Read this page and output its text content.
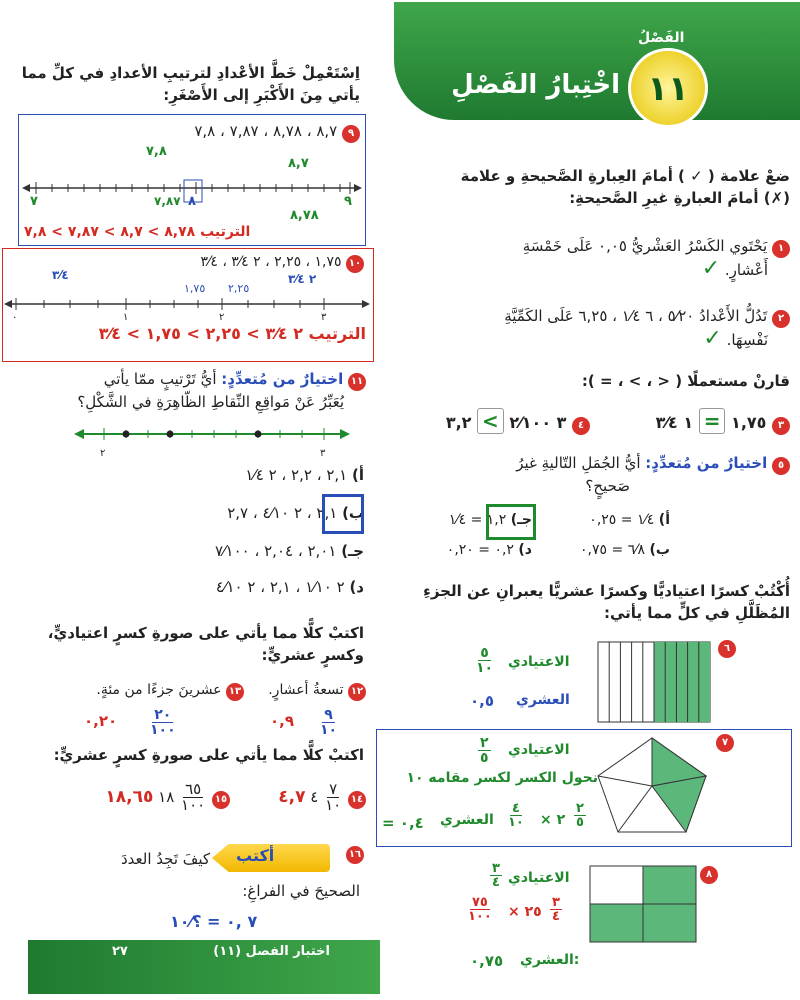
١١
الفَصْلُ
اخْتِبارُ الفَصْلِ
ضعْ علامة ( ✓ ) أمامَ العِبارةِ الصَّحيحةِ و علامة
(✗) أمامَ العبارةِ غيرِ الصَّحيحةِ:
١ يَحْتَوي الكَسْرُ العَشْريُّ ٠,٠٥ عَلَى خَمْسَةِ
أَعْشارٍ. ✓
٢ تَدُلُّ الأَعْدادُ ٥⁄٢٠ ، ٦ ١⁄٤ ، ٦,٢٥ عَلَى الكَمِّيَّةِ
نَفْسِهَا. ✓
قارنْ مستعملًا ( < ، > ، = ):
٣ ١,٧٥ = ١ ٣⁄٤
٤ ٣ ٢⁄١٠٠ > ٣,٢
٥ اختيارٌ من مُتعدِّدٍ: أيُّ الجُمَلِ التّاليةِ غيرُ
صَحيحٍ؟
أ) ١⁄٤ = ٠,٢٥
جـ) ١,٢ = ١⁄٤
ب) ٦⁄٨ = ٠,٧٥
د) ٠,٢ = ٠,٢٠
أُكْتُبْ كسرًا اعتياديًّا وكسرًا عشريًّا يعبرانِ عن الجزءِ
المُظَلَّلِ في كلٍّ مما يأتي:
٦
الاعتيادي
٥
١٠
العشري
٠,٥
٧
الاعتيادي
٢
٥
نحول الكسر لكسر مقامه ١٠
= ٠,٤ العشري
٤
١٠ × ٢
٢
٥
٨
الاعتيادي
٣
٤
٧٥
١٠٠ × ٢٥
٣
٤
العشري:
٠,٧٥
اِسْتَعْمِلْ خَطَّ الأعْدادِ لترتيبِ الأعدادِ في كلِّ مما
يأتي مِنَ الأَكْبَرِ إلى الأَصْغَرِ:
٩ ٨,٧ ، ٨,٧٨ ، ٧,٨٧ ، ٧,٨
٧,٨
٨,٧
٧	٧,٨٧ ٨	٩
٨,٧٨
الترتيب ٨,٧٨ > ٨,٧ > ٧,٨٧ > ٧,٨
١٠ ١,٧٥ ، ٢,٢٥ ، ٢ ٣⁄٤ ، ٣⁄٤
٣⁄٤	٢ ٣⁄٤
١,٧٥ ٢,٢٥
٠	١	٢	٣
الترتيب ٢ ٣⁄٤ > ٢,٢٥ > ١,٧٥ > ٣⁄٤
١١ اختيارٌ من مُتعدِّدٍ: أيُّ تَرْتيبٍ ممّا يأتي
يُعَبِّرُ عَنْ مَواقِعِ النِّقاطِ الظّاهِرَةِ في الشَّكْلِ؟
٢	٣
أ) ٢,١ ، ٢,٢ ، ٢ ١⁄٤
ب) ٢,١ ، ٢ ٤⁄١٠ ، ٢,٧
جـ) ٢,٠١ ، ٢,٠٤ ، ٧⁄١٠٠
د) ٢ ١⁄١٠ ، ٢,١ ، ٢ ٤⁄١٠
اكتبْ كلًّا مما يأتي على صورةِ كسرٍ اعتياديٍّ،
وكسرٍ عشريٍّ:
١٢ تسعةُ أعشارٍ.
١٣ عشرينَ جزءًا من مئةٍ.
٩
١٠
٠,٩
٢٠
١٠٠
٠,٢٠
اكتبْ كلًّا مما يأتي على صورةِ كسرٍ عشريٍّ:
١٤
$\frac{٧}{١٠}$
٤ ٤,٧
١٥
$\frac{٦٥}{١٠٠}$
١٨ ١٨,٦٥
١٦
أكتب
كيفَ تَجِدُ العددَ
الصحيحَ في الفراغِ:
٧ ,٠ = ؟⁄١٠
اختبار الفصل (١١)
٢٧
